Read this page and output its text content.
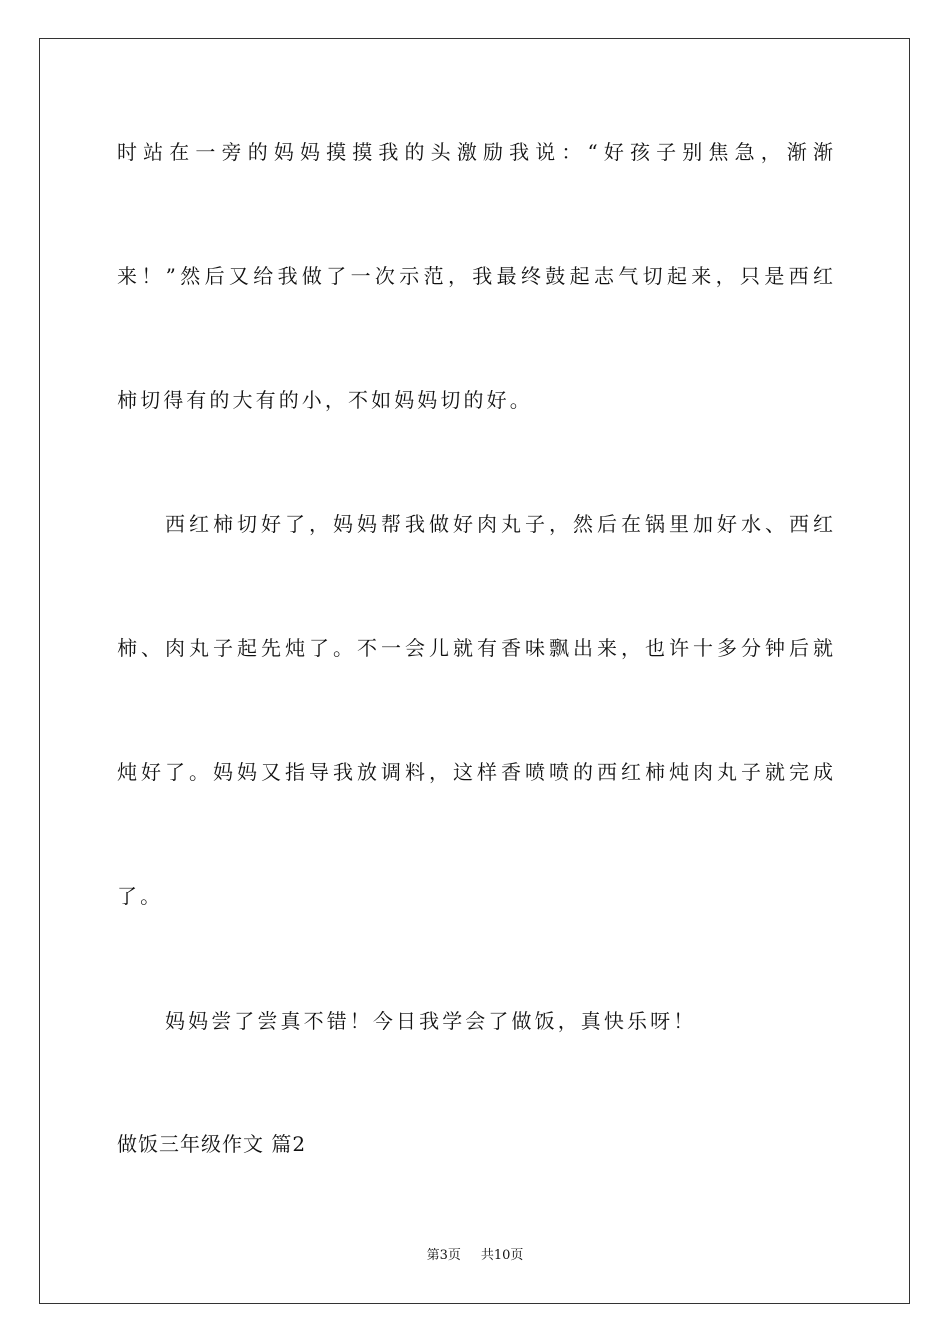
时站在一旁的妈妈摸摸我的头激励我说：“好孩子别焦急，渐渐
来！”然后又给我做了一次示范，我最终鼓起志气切起来，只是西红
柿切得有的大有的小，不如妈妈切的好。
西红柿切好了，妈妈帮我做好肉丸子，然后在锅里加好水、西红
柿、肉丸子起先炖了。不一会儿就有香味飘出来，也许十多分钟后就
炖好了。妈妈又指导我放调料，这样香喷喷的西红柿炖肉丸子就完成
了。
妈妈尝了尝真不错！今日我学会了做饭，真快乐呀！
做饭三年级作文 篇2
第3页 共10页
